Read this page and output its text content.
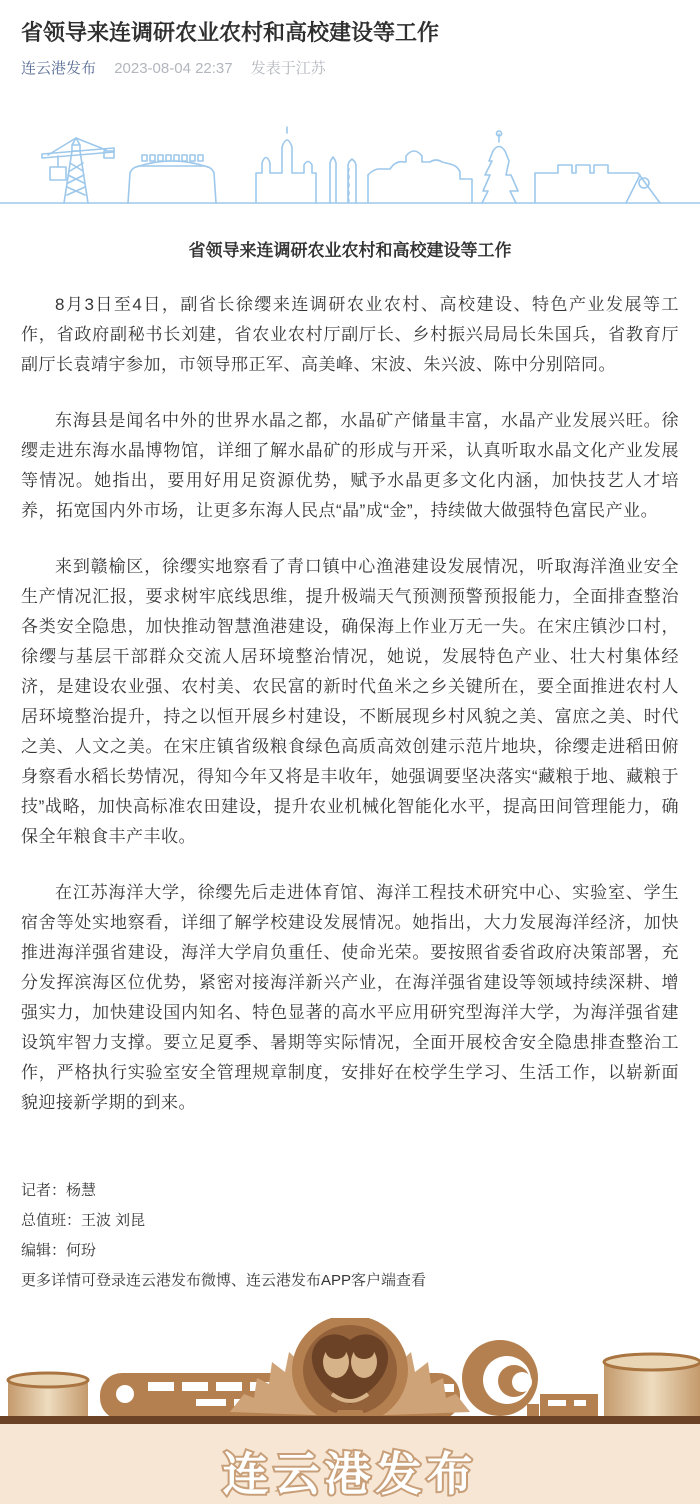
省领导来连调研农业农村和高校建设等工作
连云港发布 2023-08-04 22:37 发表于江苏
省领导来连调研农业农村和高校建设等工作

8月3日至4日，副省长徐缨来连调研农业农村、高校建设、特色产业发展等工作，省政府副秘书长刘建，省农业农村厅副厅长、乡村振兴局局长朱国兵，省教育厅副厅长袁靖宇参加，市领导邢正军、高美峰、宋波、朱兴波、陈中分别陪同。

东海县是闻名中外的世界水晶之都，水晶矿产储量丰富，水晶产业发展兴旺。徐缨走进东海水晶博物馆，详细了解水晶矿的形成与开采，认真听取水晶文化产业发展等情况。她指出，要用好用足资源优势，赋予水晶更多文化内涵，加快技艺人才培养，拓宽国内外市场，让更多东海人民点“晶”成“金”，持续做大做强特色富民产业。

来到赣榆区，徐缨实地察看了青口镇中心渔港建设发展情况，听取海洋渔业安全生产情况汇报，要求树牢底线思维，提升极端天气预测预警预报能力，全面排查整治各类安全隐患，加快推动智慧渔港建设，确保海上作业万无一失。在宋庄镇沙口村，徐缨与基层干部群众交流人居环境整治情况，她说，发展特色产业、壮大村集体经济，是建设农业强、农村美、农民富的新时代鱼米之乡关键所在，要全面推进农村人居环境整治提升，持之以恒开展乡村建设，不断展现乡村风貌之美、富庶之美、时代之美、人文之美。在宋庄镇省级粮食绿色高质高效创建示范片地块，徐缨走进稻田俯身察看水稻长势情况，得知今年又将是丰收年，她强调要坚决落实“藏粮于地、藏粮于技”战略，加快高标准农田建设，提升农业机械化智能化水平，提高田间管理能力，确保全年粮食丰产丰收。

在江苏海洋大学，徐缨先后走进体育馆、海洋工程技术研究中心、实验室、学生宿舍等处实地察看，详细了解学校建设发展情况。她指出，大力发展海洋经济，加快推进海洋强省建设，海洋大学肩负重任、使命光荣。要按照省委省政府决策部署，充分发挥滨海区位优势，紧密对接海洋新兴产业，在海洋强省建设等领域持续深耕、增强实力，加快建设国内知名、特色显著的高水平应用研究型海洋大学，为海洋强省建设筑牢智力支撑。要立足夏季、暑期等实际情况，全面开展校舍安全隐患排查整治工作，严格执行实验室安全管理规章制度，安排好在校学生学习、生活工作，以崭新面貌迎接新学期的到来。

记者：杨慧
总值班：王波 刘昆
编辑：何玢
更多详情可登录连云港发布微博、连云港发布APP客户端查看
连云港发布
